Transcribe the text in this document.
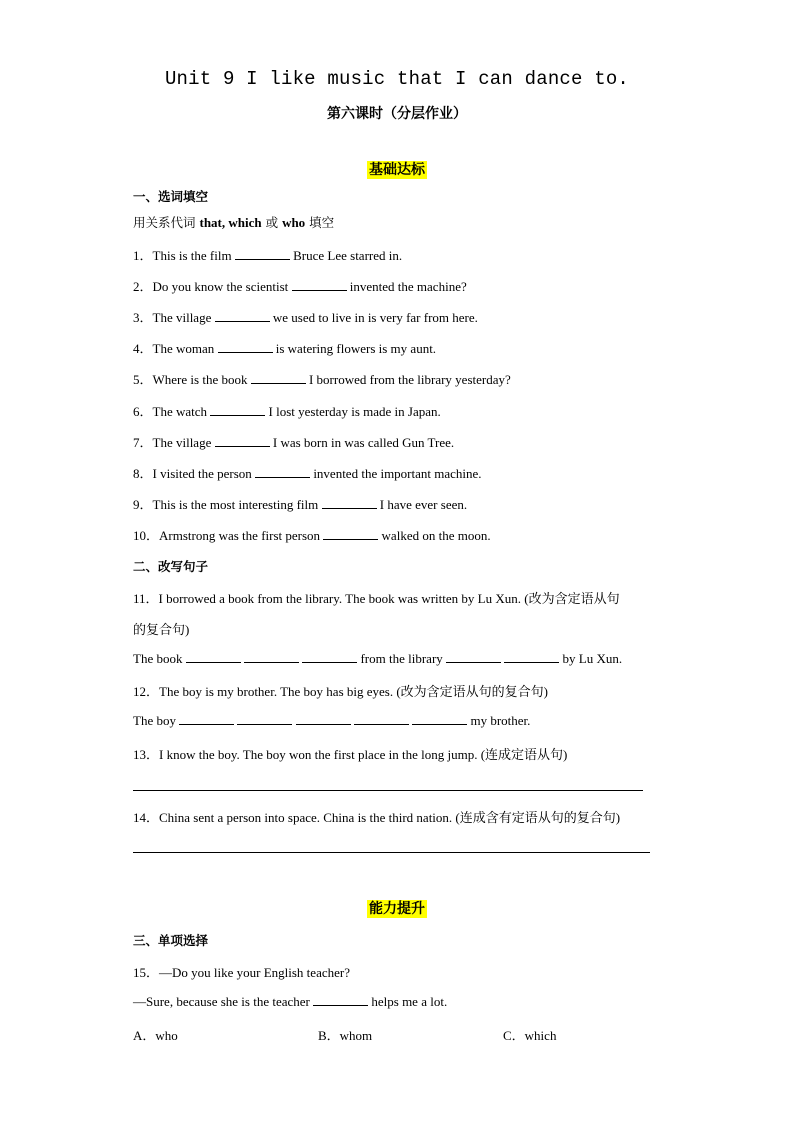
Unit 9 I like music that I can dance to.
第六课时（分层作业）
基础达标
一、选词填空
用关系代词 that, which 或 who 填空
1．This is the film	Bruce Lee starred in.
2．Do you know the scientist	invented the machine?
3．The village	we used to live in is very far from here.
4．The woman	is watering flowers is my aunt.
5．Where is the book	I borrowed from the library yesterday?
6．The watch	I lost yesterday is made in Japan.
7．The village	I was born in was called Gun Tree.
8．I visited the person	invented the important machine.
9．This is the most interesting film	I have ever seen.
10．Armstrong was the first person	walked on the moon.
二、改写句子
11．I borrowed a book from the library. The book was written by Lu Xun. (改为含定语从句
的复合句)
The book	from the library	by Lu Xun.
12．The boy is my brother. The boy has big eyes. (改为含定语从句的复合句)
The boy	my brother.
13．I know the boy. The boy won the first place in the long jump. (连成定语从句)
14．China sent a person into space. China is the third nation. (连成含有定语从句的复合句)
能力提升
三、单项选择
15．—Do you like your English teacher?
—Sure, because she is the teacher	helps me a lot.
A．who	B．whom	C．which
